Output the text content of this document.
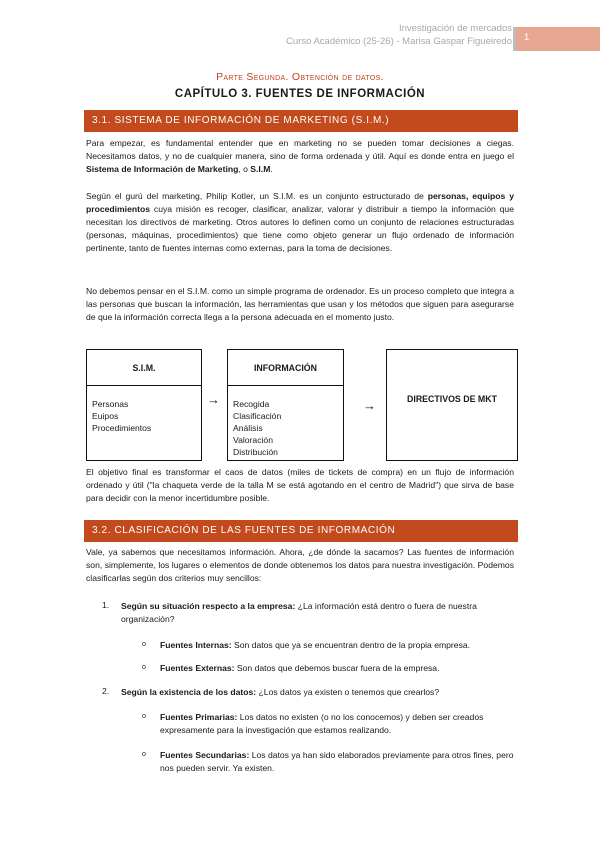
Investigación de mercados
Curso Académico (25-26) - Marisa Gaspar Figueiredo	1
Parte Segunda. Obtención de datos.
CAPÍTULO 3. FUENTES DE INFORMACIÓN
3.1. SISTEMA DE INFORMACIÓN DE MARKETING (S.I.M.)
Para empezar, es fundamental entender que en marketing no se pueden tomar decisiones a ciegas. Necesitamos datos, y no de cualquier manera, sino de forma ordenada y útil. Aquí es donde entra en juego el Sistema de Información de Marketing, o S.I.M.
Según el gurú del marketing, Philip Kotler, un S.I.M. es un conjunto estructurado de personas, equipos y procedimientos cuya misión es recoger, clasificar, analizar, valorar y distribuir a tiempo la información que necesitan los directivos de marketing. Otros autores lo definen como un conjunto de relaciones estructuradas (personas, máquinas, procedimientos) que tiene como objeto generar un flujo ordenado de información pertinente, tanto de fuentes internas como externas, para la toma de decisiones.
No debemos pensar en el S.I.M. como un simple programa de ordenador. Es un proceso completo que integra a las personas que buscan la información, las herramientas que usan y los métodos que siguen para asegurarse de que la información correcta llega a la persona adecuada en el momento justo.
S.I.M.
Personas
Euipos
Procedimientos
→
INFORMACIÓN
Recogida
Clasificación
Análisis
Valoración
Distribución
→	DIRECTIVOS DE MKT
El objetivo final es transformar el caos de datos (miles de tickets de compra) en un flujo de información ordenado y útil ("la chaqueta verde de la talla M se está agotando en el centro de Madrid") que sirva de base para decidir con la menor incertidumbre posible.
3.2. CLASIFICACIÓN DE LAS FUENTES DE INFORMACIÓN
Vale, ya sabemos que necesitamos información. Ahora, ¿de dónde la sacamos? Las fuentes de información son, simplemente, los lugares o elementos de donde obtenemos los datos para nuestra investigación. Podemos clasificarlas según dos criterios muy sencillos:
1. Según su situación respecto a la empresa: ¿La información está dentro o fuera de nuestra organización?
o Fuentes Internas: Son datos que ya se encuentran dentro de la propia empresa.
o Fuentes Externas: Son datos que debemos buscar fuera de la empresa.
2. Según la existencia de los datos: ¿Los datos ya existen o tenemos que crearlos?
o Fuentes Primarias: Los datos no existen (o no los conocemos) y deben ser creados expresamente para la investigación que estamos realizando.
o Fuentes Secundarias: Los datos ya han sido elaborados previamente para otros fines, pero nos pueden servir. Ya existen.
